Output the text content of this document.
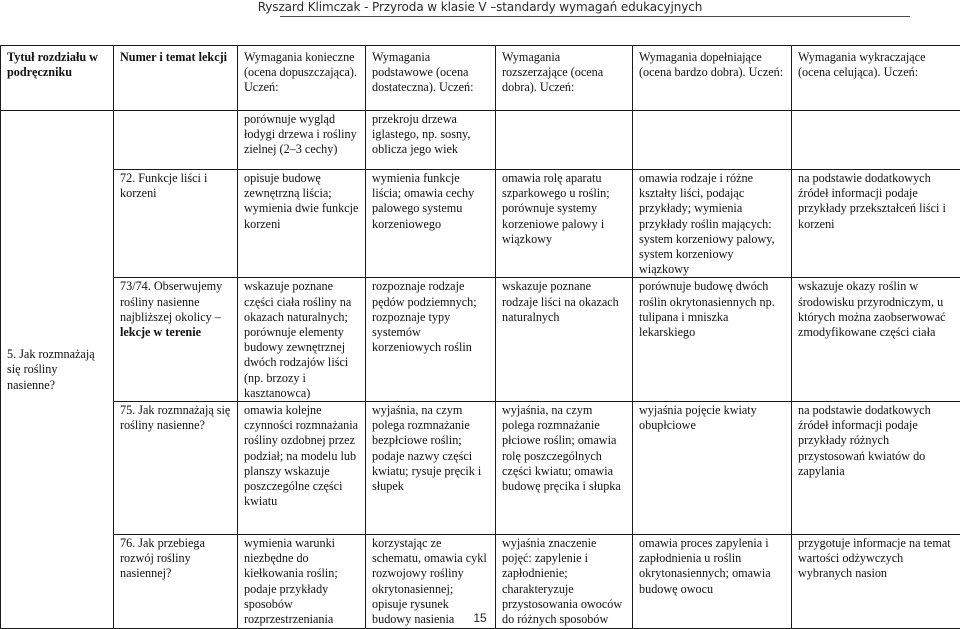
Ryszard Klimczak - Przyroda w klasie V –standardy wymagań edukacyjnych
Tytuł rozdziału w podręczniku	Numer i temat lekcji	Wymagania konieczne (ocena dopuszczająca). Uczeń:	Wymagania podstawowe (ocena dostateczna). Uczeń:	Wymagania rozszerzające (ocena dobra). Uczeń:	Wymagania dopełniające (ocena bardzo dobra). Uczeń:	Wymagania wykraczające (ocena celująca). Uczeń:
5. Jak rozmnażają się rośliny nasienne?		porównuje wygląd łodygi drzewa i rośliny zielnej (2–3 cechy)	przekroju drzewa iglastego, np. sosny, oblicza jego wiek			
	72. Funkcje liści i korzeni	opisuje budowę zewnętrzną liścia; wymienia dwie funkcje korzeni	wymienia funkcje liścia; omawia cechy palowego systemu korzeniowego	omawia rolę aparatu szparkowego u roślin; porównuje systemy korzeniowe palowy i wiązkowy	omawia rodzaje i różne kształty liści, podając przykłady; wymienia przykłady roślin mających: system korzeniowy palowy, system korzeniowy wiązkowy	na podstawie dodatkowych źródeł informacji podaje przykłady przekształceń liści i korzeni
	73/74. Obserwujemy rośliny nasienne najbliższej okolicy – lekcje w terenie	wskazuje poznane części ciała rośliny na okazach naturalnych; porównuje elementy budowy zewnętrznej dwóch rodzajów liści (np. brzozy i kasztanowca)	rozpoznaje rodzaje pędów podziemnych; rozpoznaje typy systemów korzeniowych roślin	wskazuje poznane rodzaje liści na okazach naturalnych	porównuje budowę dwóch roślin okrytonasiennych np. tulipana i mniszka lekarskiego	wskazuje okazy roślin w środowisku przyrodniczym, u których można zaobserwować zmodyfikowane części ciała
	75. Jak rozmnażają się rośliny nasienne?	omawia kolejne czynności rozmnażania rośliny ozdobnej przez podział; na modelu lub planszy wskazuje poszczególne części kwiatu	wyjaśnia, na czym polega rozmnażanie bezpłciowe roślin; podaje nazwy części kwiatu; rysuje pręcik i słupek	wyjaśnia, na czym polega rozmnażanie płciowe roślin; omawia rolę poszczególnych części kwiatu; omawia budowę pręcika i słupka	wyjaśnia pojęcie kwiaty obupłciowe	na podstawie dodatkowych źródeł informacji podaje przykłady różnych przystosowań kwiatów do zapylania
	76. Jak przebiega rozwój rośliny nasiennej?	wymienia warunki niezbędne do kiełkowania roślin; podaje przykłady sposobów rozprzestrzeniania	korzystając ze schematu, omawia cykl rozwojowy rośliny okrytonasiennej; opisuje rysunek budowy nasienia	wyjaśnia znaczenie pojęć: zapylenie i zapłodnienie; charakteryzuje przystosowania owoców do różnych sposobów	omawia proces zapylenia i zapłodnienia u roślin okrytonasiennych; omawia budowę owocu	przygotuje informacje na temat wartości odżywczych wybranych nasion
15
